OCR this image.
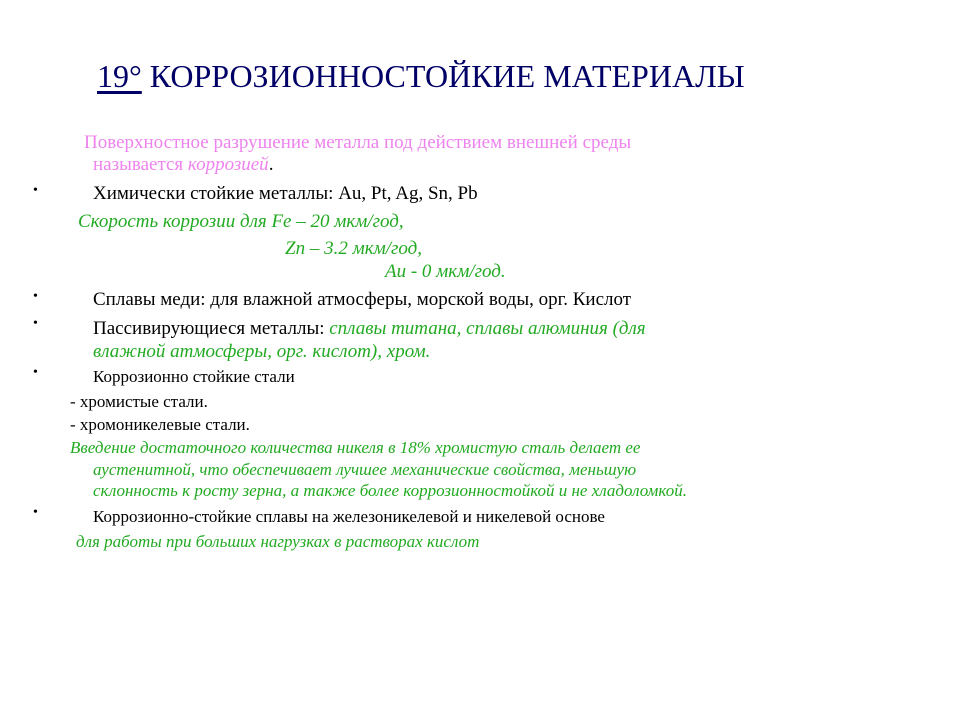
19° КОРРОЗИОННОСТОЙКИЕ МАТЕРИАЛЫ
Поверхностное разрушение металла под действием внешней среды
называется коррозией.
•	Химически стойкие металлы: Au, Pt, Ag, Sn, Pb
Скорость коррозии для Fe – 20 мкм/год,
Zn – 3.2 мкм/год,
Au - 0 мкм/год.
•	Сплавы меди: для влажной атмосферы, морской воды, орг. Кислот
•	Пассивирующиеся металлы: сплавы титана, сплавы алюминия (для
влажной атмосферы, орг. кислот), хром.
•	Коррозионно стойкие стали
- хромистые стали.
- хромоникелевые стали.
Введение достаточного количества никеля в 18% хромистую сталь делает ее
аустенитной, что обеспечивает лучшее механические свойства, меньшую
склонность к росту зерна, а также более коррозионностойкой и не хладоломкой.
•	Коррозионно-стойкие сплавы на железоникелевой и никелевой основе
для работы при больших нагрузках в растворах кислот
